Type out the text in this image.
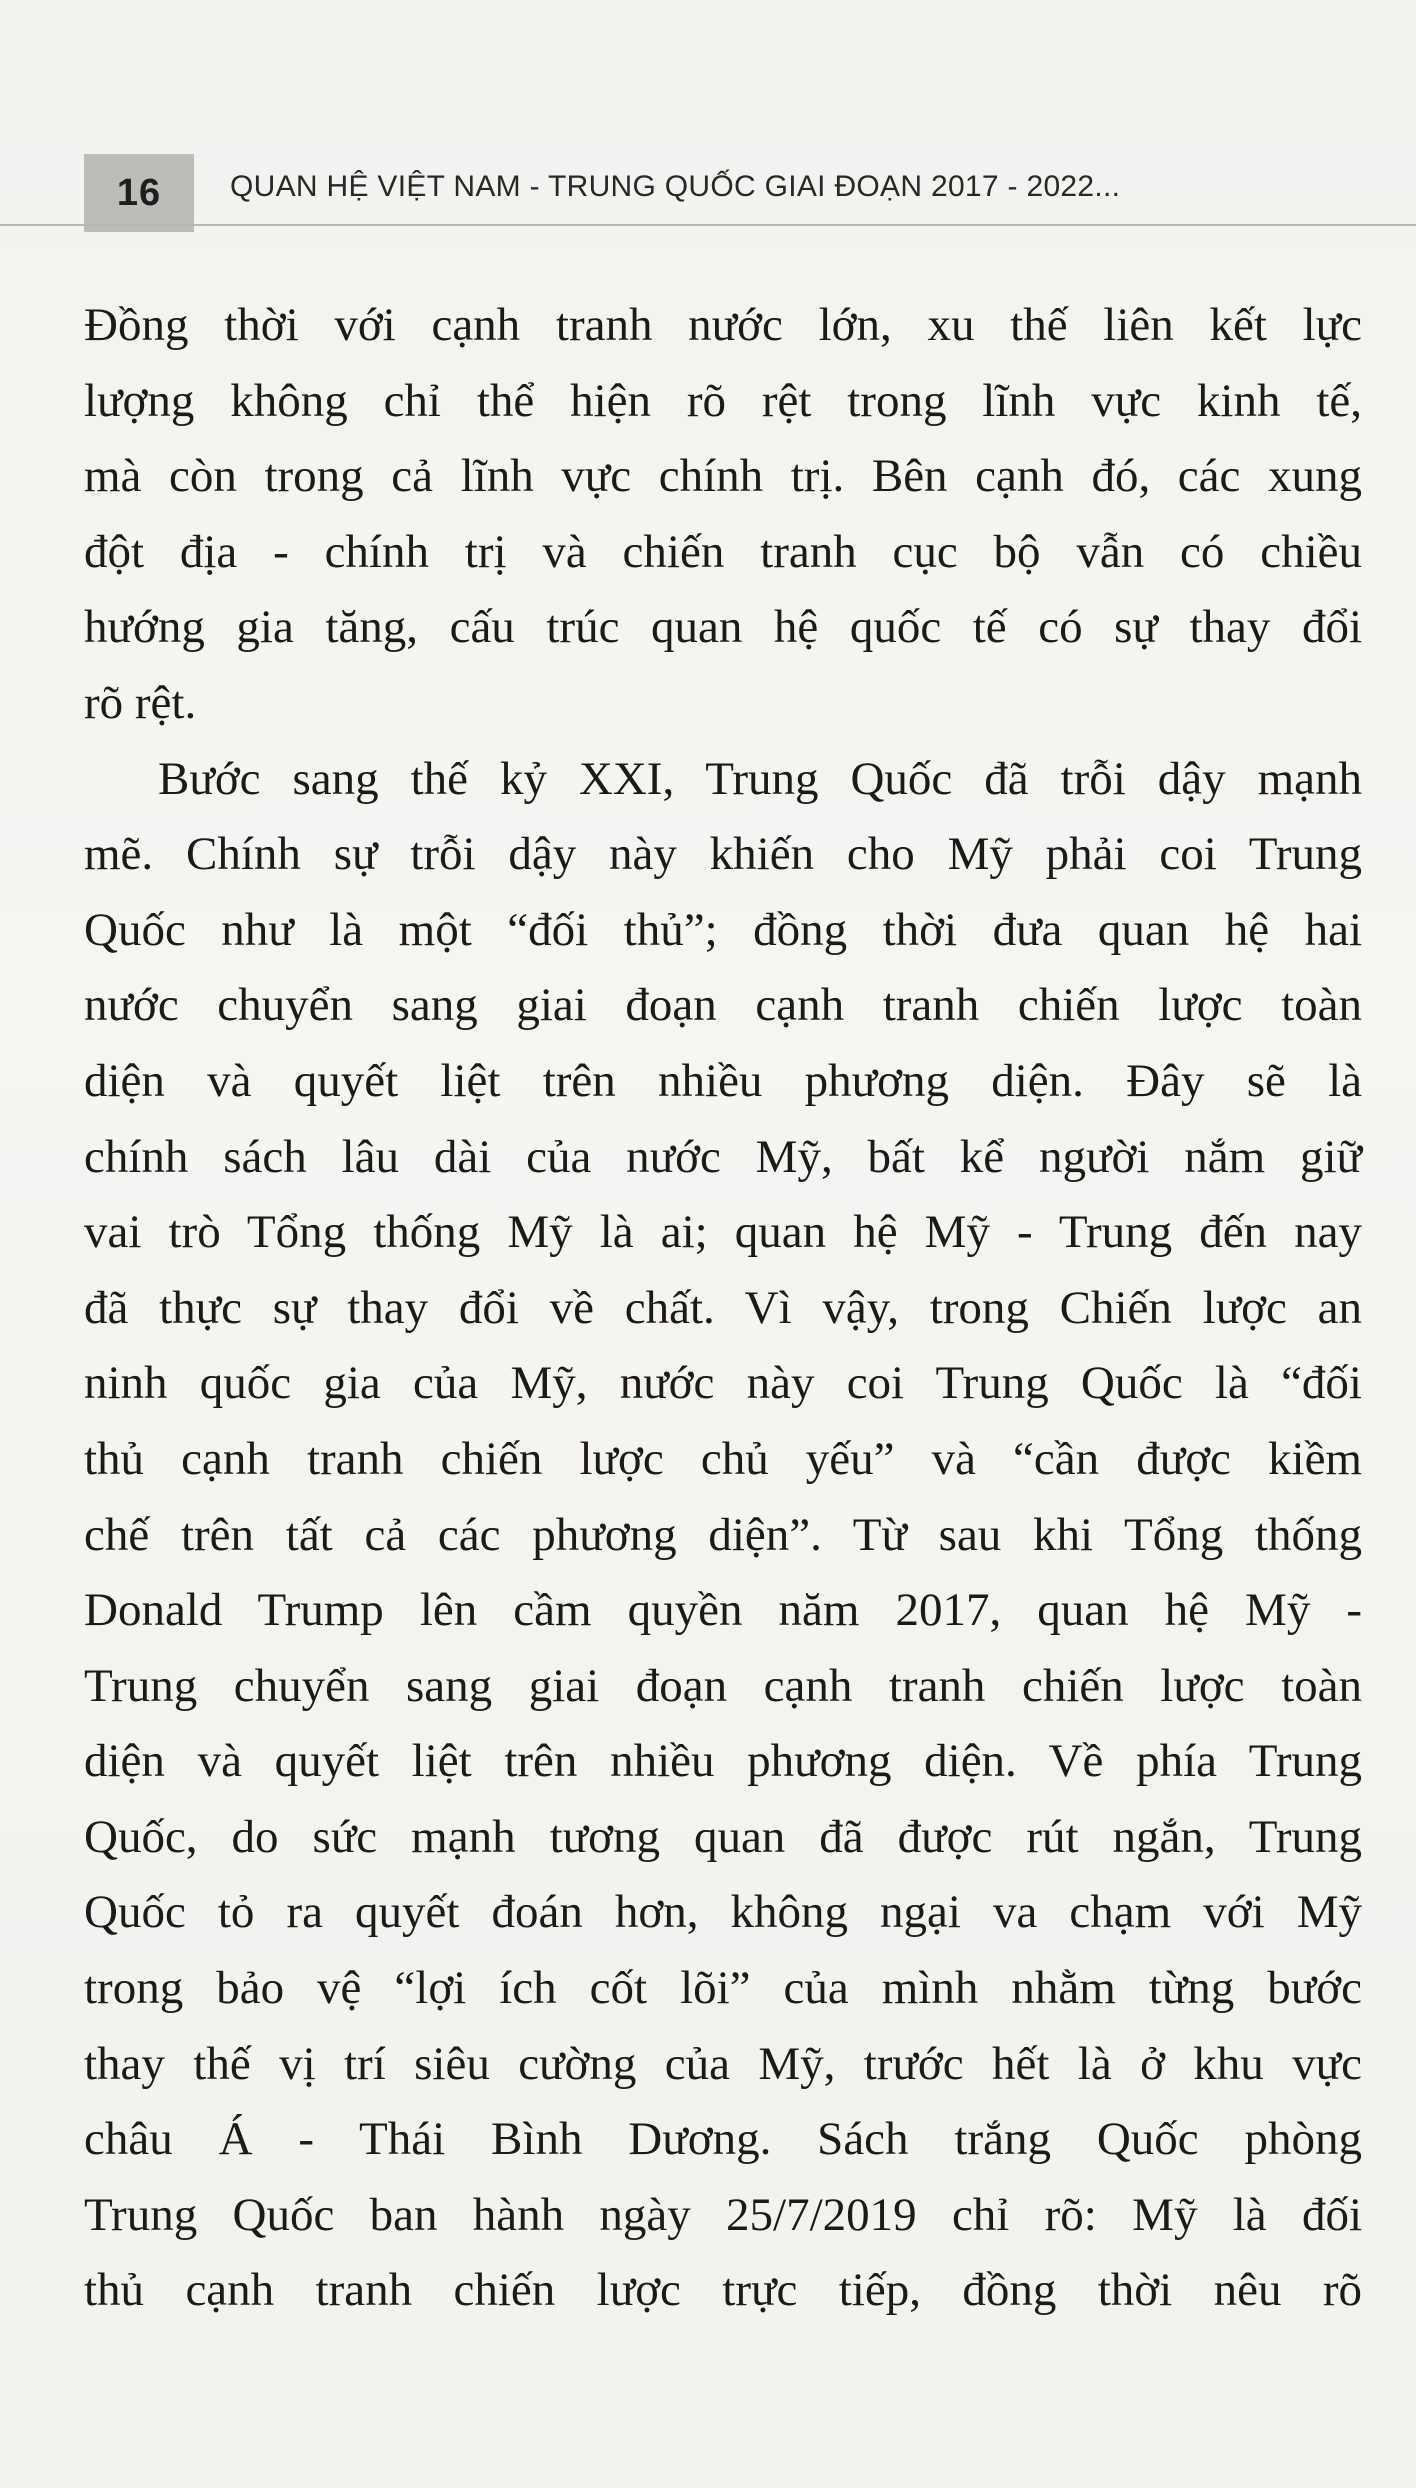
16 QUAN HỆ VIỆT NAM - TRUNG QUỐC GIAI ĐOẠN 2017 - 2022...
Đồng thời với cạnh tranh nước lớn, xu thế liên kết lực
lượng không chỉ thể hiện rõ rệt trong lĩnh vực kinh tế,
mà còn trong cả lĩnh vực chính trị. Bên cạnh đó, các xung
đột địa - chính trị và chiến tranh cục bộ vẫn có chiều
hướng gia tăng, cấu trúc quan hệ quốc tế có sự thay đổi
rõ rệt.
Bước sang thế kỷ XXI, Trung Quốc đã trỗi dậy mạnh
mẽ. Chính sự trỗi dậy này khiến cho Mỹ phải coi Trung
Quốc như là một “đối thủ”; đồng thời đưa quan hệ hai
nước chuyển sang giai đoạn cạnh tranh chiến lược toàn
diện và quyết liệt trên nhiều phương diện. Đây sẽ là
chính sách lâu dài của nước Mỹ, bất kể người nắm giữ
vai trò Tổng thống Mỹ là ai; quan hệ Mỹ - Trung đến nay
đã thực sự thay đổi về chất. Vì vậy, trong Chiến lược an
ninh quốc gia của Mỹ, nước này coi Trung Quốc là “đối
thủ cạnh tranh chiến lược chủ yếu” và “cần được kiềm
chế trên tất cả các phương diện”. Từ sau khi Tổng thống
Donald Trump lên cầm quyền năm 2017, quan hệ Mỹ -
Trung chuyển sang giai đoạn cạnh tranh chiến lược toàn
diện và quyết liệt trên nhiều phương diện. Về phía Trung
Quốc, do sức mạnh tương quan đã được rút ngắn, Trung
Quốc tỏ ra quyết đoán hơn, không ngại va chạm với Mỹ
trong bảo vệ “lợi ích cốt lõi” của mình nhằm từng bước
thay thế vị trí siêu cường của Mỹ, trước hết là ở khu vực
châu Á - Thái Bình Dương. Sách trắng Quốc phòng
Trung Quốc ban hành ngày 25/7/2019 chỉ rõ: Mỹ là đối
thủ cạnh tranh chiến lược trực tiếp, đồng thời nêu rõ
